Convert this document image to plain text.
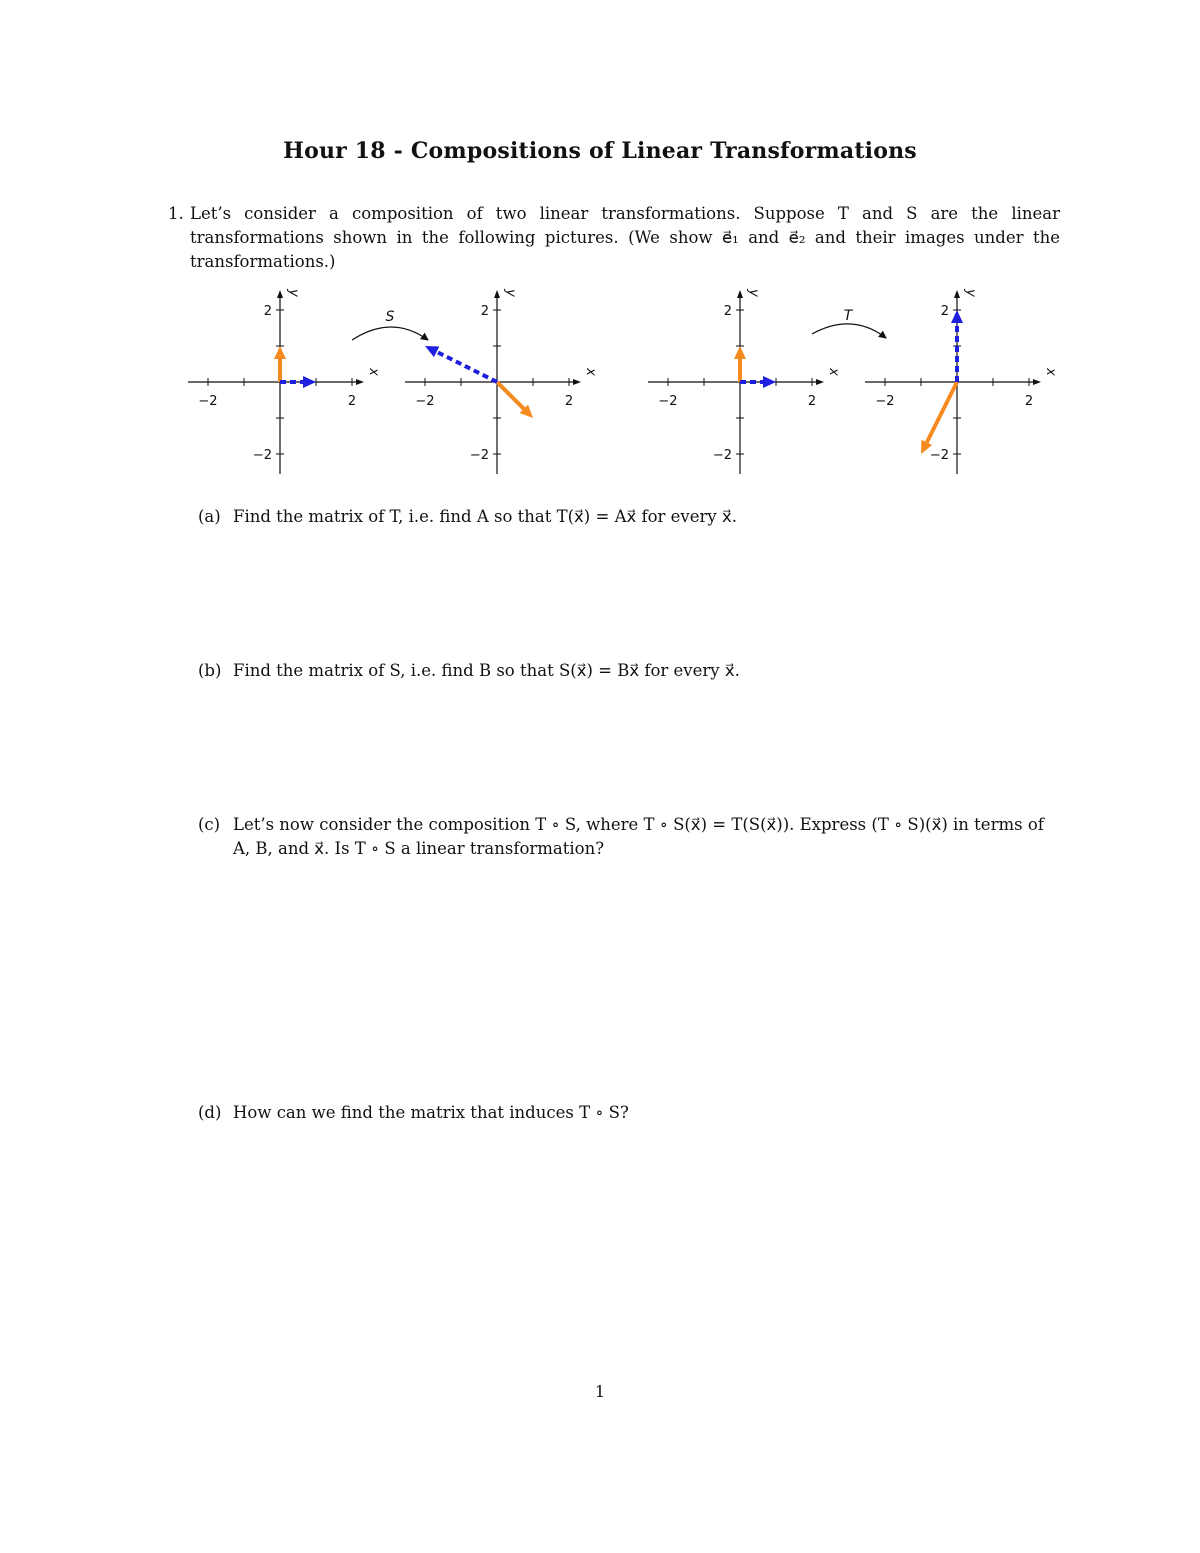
Hour 18 - Compositions of Linear Transformations
1. Let’s consider a composition of two linear transformations. Suppose T and S are the linear transformations shown in the following pictures. (We show e⃗₁ and e⃗₂ and their images under the transformations.)
−2	2
2
−2
x
y
−2	2
2
−2
x
y
−2	2
2
−2
x
y
−2	2
2
−2
x
y
S	T
(a) Find the matrix of T, i.e. find A so that T(x⃗) = Ax⃗ for every x⃗.
(b) Find the matrix of S, i.e. find B so that S(x⃗) = Bx⃗ for every x⃗.
(c) Let’s now consider the composition T ∘ S, where T ∘ S(x⃗) = T(S(x⃗)). Express (T ∘ S)(x⃗) in terms of A, B, and x⃗. Is T ∘ S a linear transformation?
(d) How can we find the matrix that induces T ∘ S?
1
